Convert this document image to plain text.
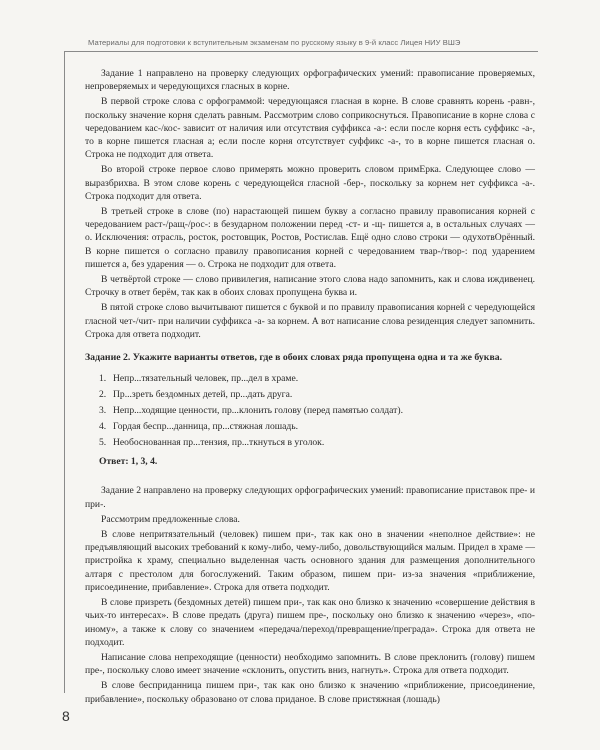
Материалы для подготовки к вступительным экзаменам по русскому языку в 9-й класс Лицея НИУ ВШЭ

Задание 1 направлено на проверку следующих орфографических умений: правописание проверяемых, непроверяемых и чередующихся гласных в корне.

В первой строке слова с орфограммой: чередующаяся гласная в корне. В слове сравнять корень -равн-, поскольку значение корня сделать равным. Рассмотрим слово соприкоснуться. Правописание в корне слова с чередованием кас-/кос- зависит от наличия или отсутствия суффикса -а-: если после корня есть суффикс -а-, то в корне пишется гласная а; если после корня отсутствует суффикс -а-, то в корне пишется гласная о. Строка не подходит для ответа.

Во второй строке первое слово примерять можно проверить словом примЕрка. Следующее слово — выразбрихва. В этом слове корень с чередующейся гласной -бер-, поскольку за корнем нет суффикса -а-. Строка подходит для ответа.

В третьей строке в слове (по) нарастающей пишем букву а согласно правилу правописания корней с чередованием раст-/ращ-/рос-: в безударном положении перед -ст- и -щ- пишется а, в остальных случаях — о. Исключения: отрасль, росток, ростовщик, Ростов, Ростислав. Ещё одно слово строки — одухотвОрённый. В корне пишется о согласно правилу правописания корней с чередованием твар-/твор-: под ударением пишется а, без ударения — о. Строка не подходит для ответа.

В четвёртой строке — слово привилегия, написание этого слова надо запомнить, как и слова иждивенец. Строчку в ответ берём, так как в обоих словах пропущена буква и.

В пятой строке слово вычитывают пишется с буквой и по правилу правописания корней с чередующейся гласной чет-/чит- при наличии суффикса -а- за корнем. А вот написание слова резиденция следует запомнить. Строка для ответа подходит.

Задание 2. Укажите варианты ответов, где в обоих словах ряда пропущена одна и та же буква.

1. Непр...тязательный человек, пр...дел в храме.
2. Пр...зреть бездомных детей, пр...дать друга.
3. Непр...ходящие ценности, пр...клонить голову (перед памятью солдат).
4. Гордая беспр...данница, пр...стяжная лошадь.
5. Необоснованная пр...тензия, пр...ткнуться в уголок.

Ответ: 1, 3, 4.

Задание 2 направлено на проверку следующих орфографических умений: правописание приставок пре- и при-.

Рассмотрим предложенные слова.

В слове непритязательный (человек) пишем при-, так как оно в значении «неполное действие»: не предъявляющий высоких требований к кому-либо, чему-либо, довольствующийся малым. Придел в храме — пристройка к храму, специально выделенная часть основного здания для размещения дополнительного алтаря с престолом для богослужений. Таким образом, пишем при- из-за значения «приближение, присоединение, прибавление». Строка для ответа подходит.

В слове призреть (бездомных детей) пишем при-, так как оно близко к значению «совершение действия в чьих-то интересах». В слове предать (друга) пишем пре-, поскольку оно близко к значению «через», «по-иному», а также к слову со значением «передача/переход/превращение/преграда». Строка для ответа не подходит.

Написание слова непреходящие (ценности) необходимо запомнить. В слове преклонить (голову) пишем пре-, поскольку слово имеет значение «склонить, опустить вниз, нагнуть». Строка для ответа подходит.

В слове бесприданница пишем при-, так как оно близко к значению «приближение, присоединение, прибавление», поскольку образовано от слова приданое. В слове пристяжная (лошадь)

8
